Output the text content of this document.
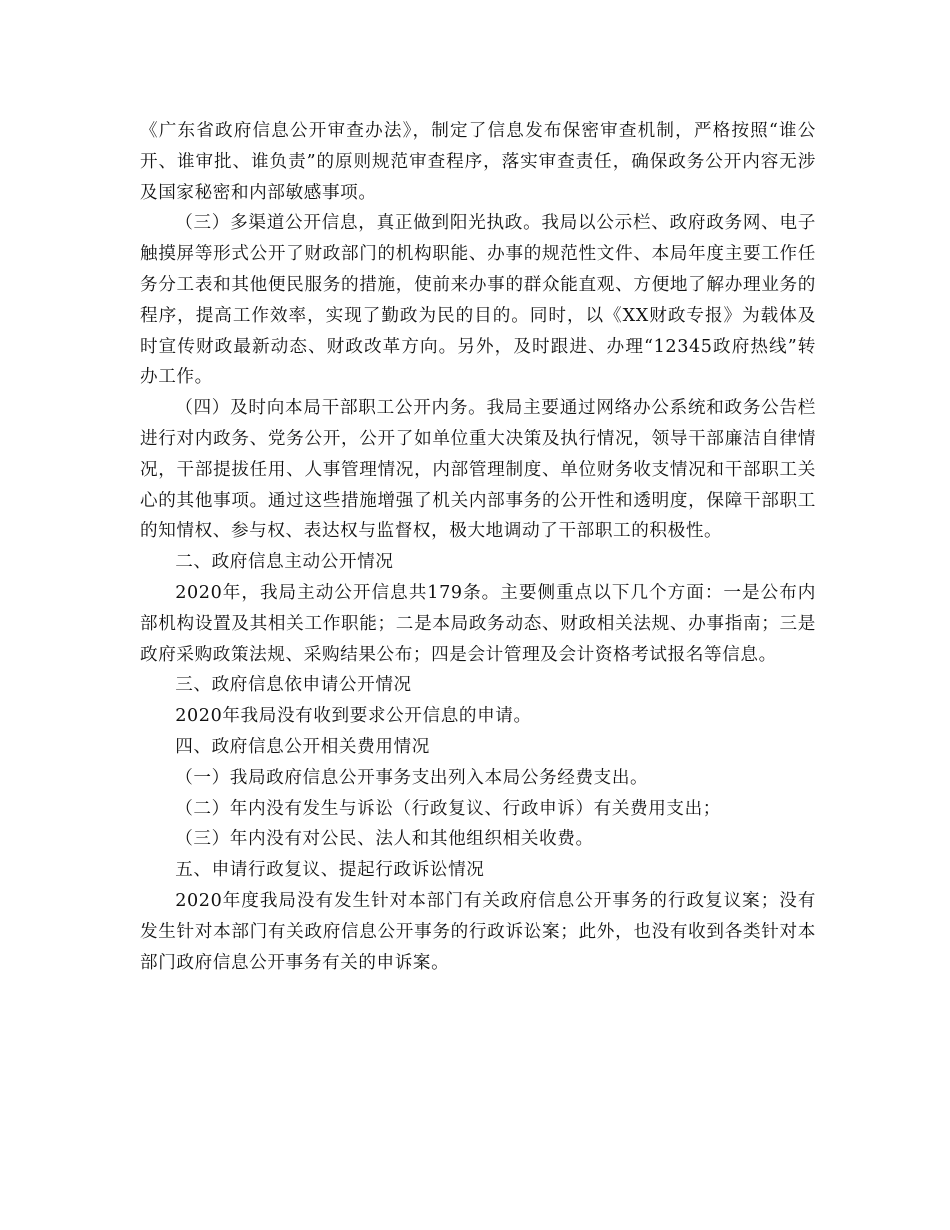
《广东省政府信息公开审查办法》，制定了信息发布保密审查机制，严格按照“谁公开、谁审批、谁负责”的原则规范审查程序，落实审查责任，确保政务公开内容无涉及国家秘密和内部敏感事项。

（三）多渠道公开信息，真正做到阳光执政。我局以公示栏、政府政务网、电子触摸屏等形式公开了财政部门的机构职能、办事的规范性文件、本局年度主要工作任务分工表和其他便民服务的措施，使前来办事的群众能直观、方便地了解办理业务的程序，提高工作效率，实现了勤政为民的目的。同时，以《XX财政专报》为载体及时宣传财政最新动态、财政改革方向。另外，及时跟进、办理“12345政府热线”转办工作。

（四）及时向本局干部职工公开内务。我局主要通过网络办公系统和政务公告栏进行对内政务、党务公开，公开了如单位重大决策及执行情况，领导干部廉洁自律情况，干部提拔任用、人事管理情况，内部管理制度、单位财务收支情况和干部职工关心的其他事项。通过这些措施增强了机关内部事务的公开性和透明度，保障干部职工的知情权、参与权、表达权与监督权，极大地调动了干部职工的积极性。

二、政府信息主动公开情况

2020年，我局主动公开信息共179条。主要侧重点以下几个方面：一是公布内部机构设置及其相关工作职能；二是本局政务动态、财政相关法规、办事指南；三是政府采购政策法规、采购结果公布；四是会计管理及会计资格考试报名等信息。

三、政府信息依申请公开情况

2020年我局没有收到要求公开信息的申请。

四、政府信息公开相关费用情况

（一）我局政府信息公开事务支出列入本局公务经费支出。

（二）年内没有发生与诉讼（行政复议、行政申诉）有关费用支出；

（三）年内没有对公民、法人和其他组织相关收费。

五、申请行政复议、提起行政诉讼情况

2020年度我局没有发生针对本部门有关政府信息公开事务的行政复议案；没有发生针对本部门有关政府信息公开事务的行政诉讼案；此外，也没有收到各类针对本部门政府信息公开事务有关的申诉案。
